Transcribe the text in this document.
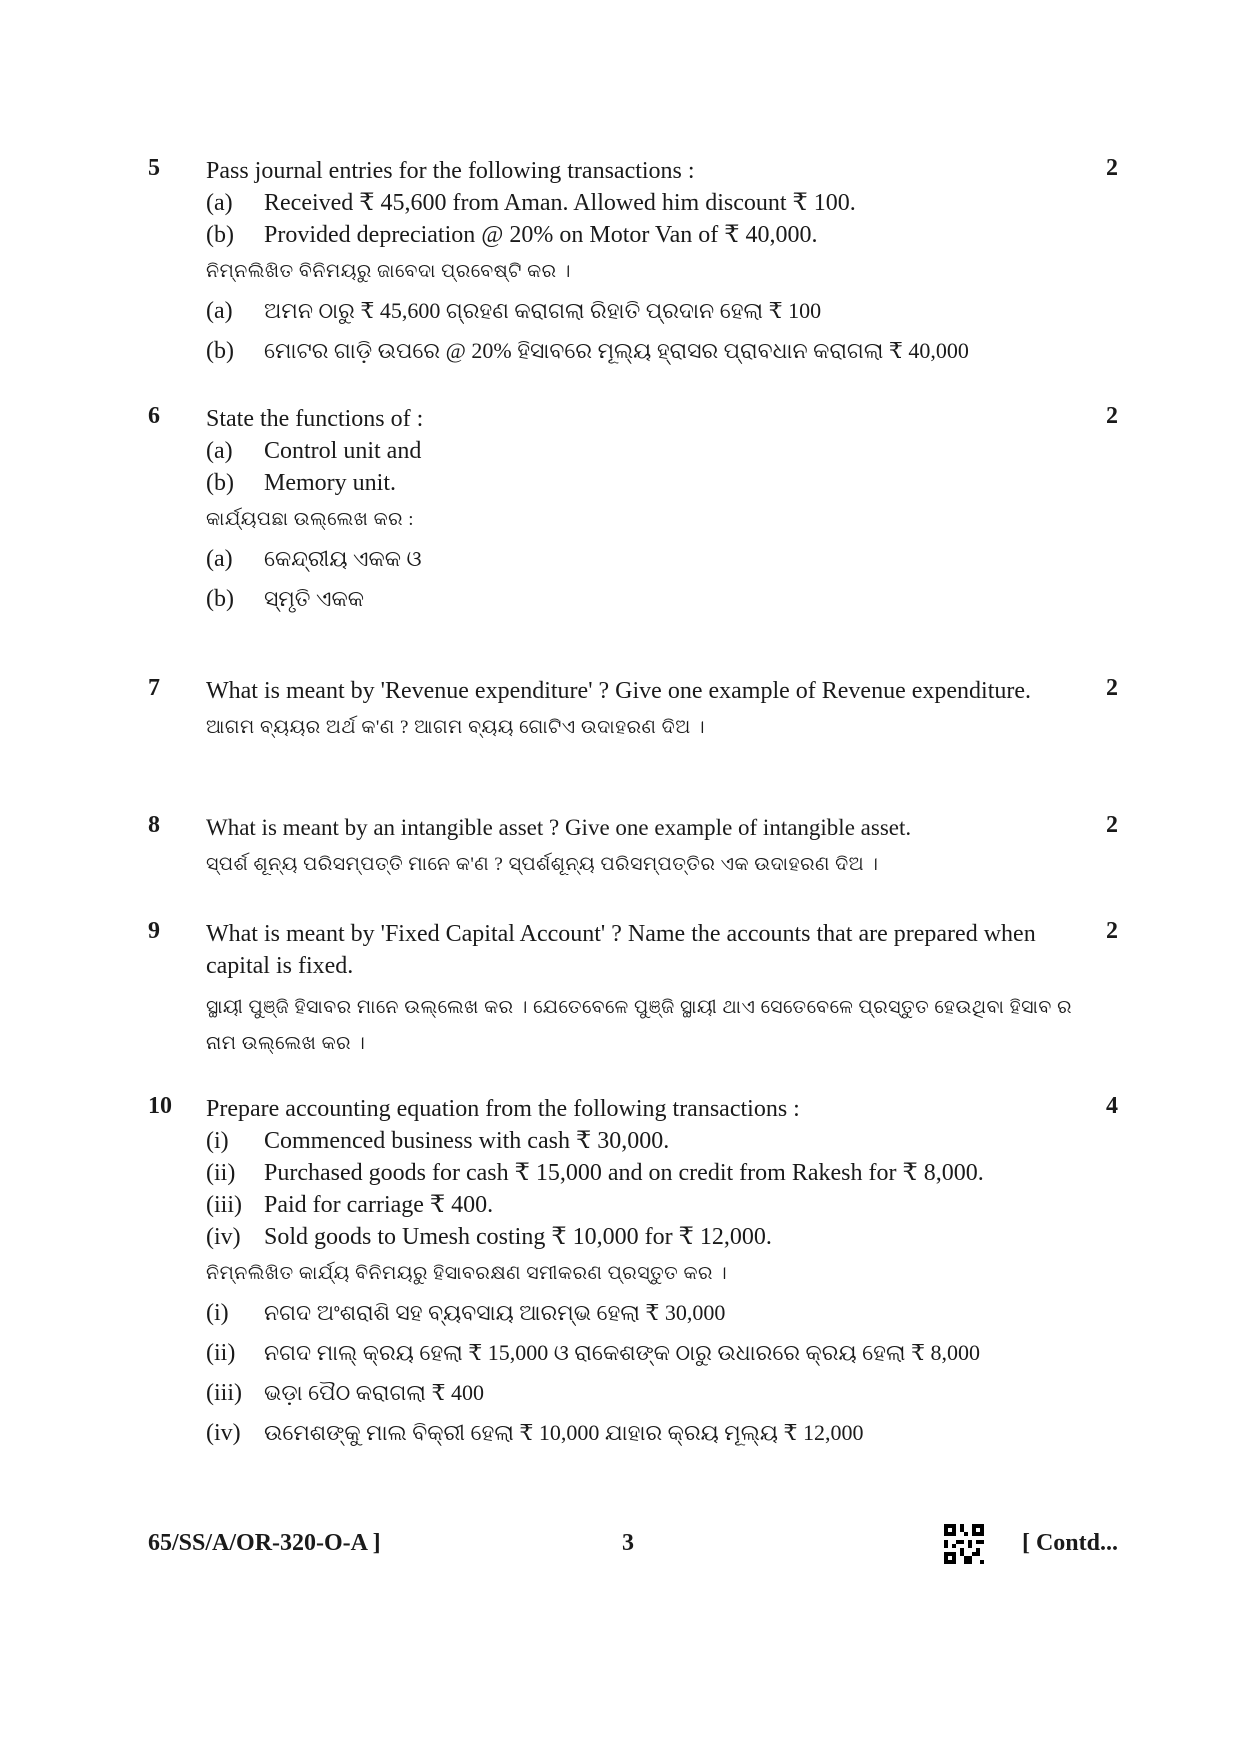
5	2

Pass journal entries for the following transactions :

(a)	Received ₹ 45,600 from Aman. Allowed him discount ₹ 100.
(b)	Provided depreciation @ 20% on Motor Van of ₹ 40,000.
ନିମ୍ନଲିଖିତ ବିନିମୟରୁ ଜାବେଦା ପ୍ରବେଷ୍ଟି କର ।
(a)	ଅମନ ଠାରୁ ₹ 45,600 ଗ୍ରହଣ କରାଗଲା ରିହାତି ପ୍ରଦାନ ହେଲା ₹ 100
(b)	ମୋଟର ଗାଡ଼ି ଉପରେ @ 20% ହିସାବରେ ମୂଲ୍ୟ ହ୍ରାସର ପ୍ରାବଧାନ କରାଗଲା ₹ 40,000
6	2

State the functions of :

(a)	Control unit and
(b)	Memory unit.
କାର୍ଯ୍ୟପଛା ଉଲ୍ଲେଖ କର :
(a)	କେନ୍ଦ୍ରୀୟ ଏକକ ଓ
(b)	ସ୍ମୃତି ଏକକ
7	2

What is meant by 'Revenue expenditure' ? Give one example of Revenue expenditure.

ଆଗମ ବ୍ୟୟର ଅର୍ଥ କ'ଣ ? ଆଗମ ବ୍ୟୟ ଗୋଟିଏ ଉଦାହରଣ ଦିଅ ।
8	2

What is meant by an intangible asset ? Give one example of intangible asset.

ସ୍ପର୍ଶ ଶୂନ୍ୟ ପରିସମ୍ପତ୍ତି ମାନେ କ'ଣ ? ସ୍ପର୍ଶଶୂନ୍ୟ ପରିସମ୍ପତ୍ତିର ଏକ ଉଦାହରଣ ଦିଅ ।
9	2

What is meant by 'Fixed Capital Account' ? Name the accounts that are prepared when capital is fixed.

ସ୍ଥାୟୀ ପୁଞ୍ଜି ହିସାବର ମାନେ ଉଲ୍ଲେଖ କର । ଯେତେବେଳେ ପୁଞ୍ଜି ସ୍ଥାୟୀ ଥାଏ ସେତେବେଳେ ପ୍ରସ୍ତୁତ ହେଉଥିବା ହିସାବ ର ନାମ ଉଲ୍ଲେଖ କର ।
10	4

Prepare accounting equation from the following transactions :

(i)	Commenced business with cash ₹ 30,000.
(ii)	Purchased goods for cash ₹ 15,000 and on credit from Rakesh for ₹ 8,000.
(iii) Paid for carriage ₹ 400.
(iv) Sold goods to Umesh costing ₹ 10,000 for ₹ 12,000.
ନିମ୍ନଲିଖିତ କାର୍ଯ୍ୟ ବିନିମୟରୁ ହିସାବରକ୍ଷଣ ସମୀକରଣ ପ୍ରସ୍ତୁତ କର ।
(i)	ନଗଦ ଅଂଶରାଶି ସହ ବ୍ୟବସାୟ ଆରମ୍ଭ ହେଲା ₹ 30,000
(ii)	ନଗଦ ମାଲ୍ କ୍ରୟ ହେଲା ₹ 15,000 ଓ ରାକେଶଙ୍କ ଠାରୁ ଉଧାରରେ କ୍ରୟ ହେଲା ₹ 8,000
(iii)	ଭଡ଼ା ପୈଠ କରାଗଲା ₹ 400
(iv)	ଉମେଶଙ୍କୁ ମାଲ ବିକ୍ରୀ ହେଲା ₹ 10,000 ଯାହାର କ୍ରୟ ମୂଲ୍ୟ ₹ 12,000
65/SS/A/OR-320-O-A ]	3	[ Contd...
